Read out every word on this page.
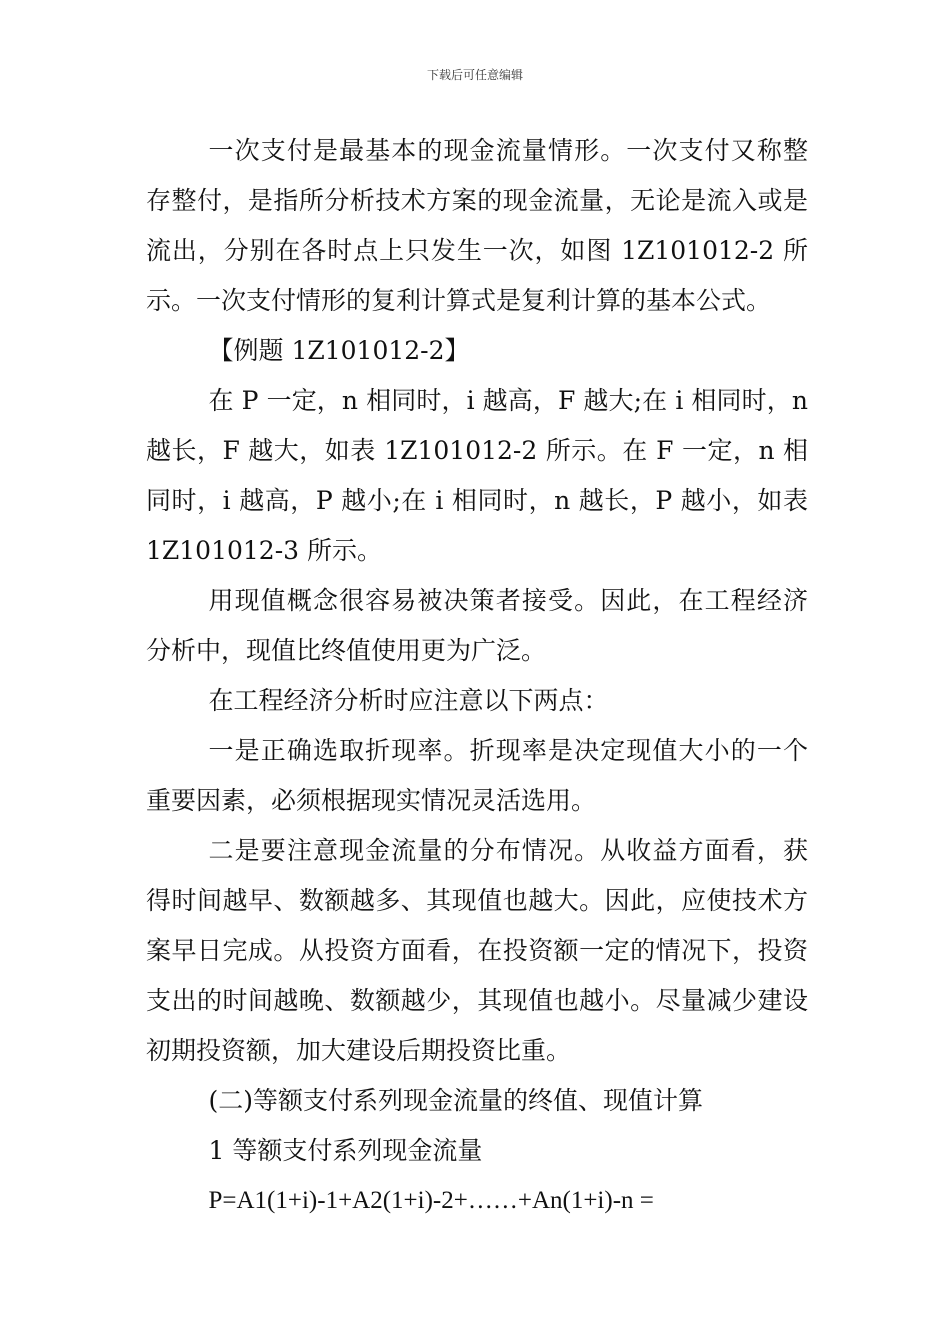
下载后可任意编辑

一次支付是最基本的现金流量情形。一次支付又称整存整付，是指所分析技术方案的现金流量，无论是流入或是流出，分别在各时点上只发生一次，如图 1Z101012-2 所示。一次支付情形的复利计算式是复利计算的基本公式。

【例题 1Z101012-2】

在 P 一定，n 相同时，i 越高，F 越大;在 i 相同时，n 越长，F 越大，如表 1Z101012-2 所示。在 F 一定，n 相同时，i 越高，P 越小;在 i 相同时，n 越长，P 越小，如表 1Z101012-3 所示。

用现值概念很容易被决策者接受。因此，在工程经济分析中，现值比终值使用更为广泛。

在工程经济分析时应注意以下两点：

一是正确选取折现率。折现率是决定现值大小的一个重要因素，必须根据现实情况灵活选用。

二是要注意现金流量的分布情况。从收益方面看，获得时间越早、数额越多、其现值也越大。因此，应使技术方案早日完成。从投资方面看，在投资额一定的情况下，投资支出的时间越晚、数额越少，其现值也越小。尽量减少建设初期投资额，加大建设后期投资比重。

(二)等额支付系列现金流量的终值、现值计算

1 等额支付系列现金流量

P=A1(1+i)-1+A2(1+i)-2+……+An(1+i)-n =
